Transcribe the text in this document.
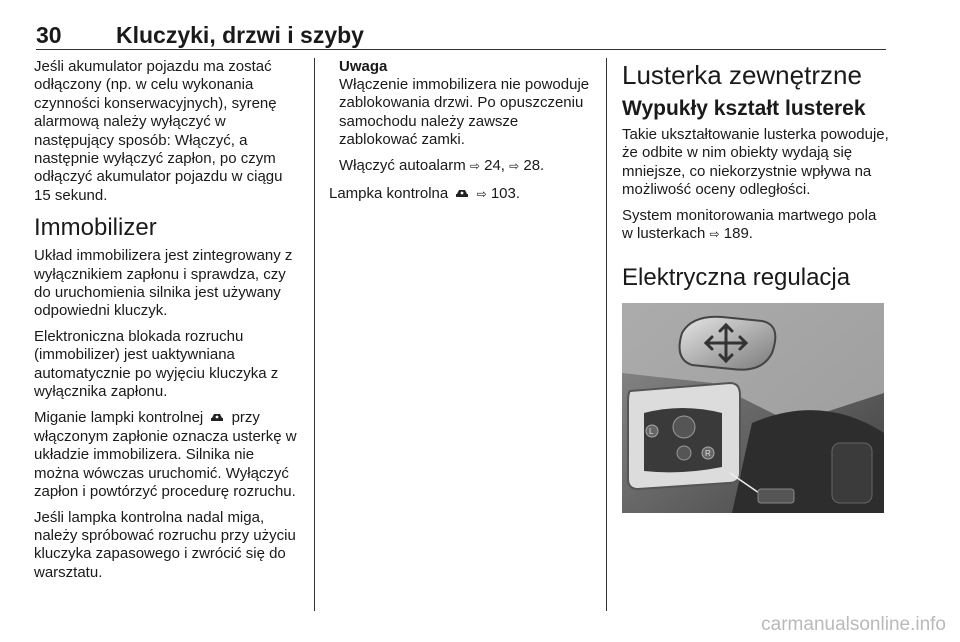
30 Kluczyki, drzwi i szyby

Jeśli akumulator pojazdu ma zostać odłączony (np. w celu wykonania czynności konserwacyjnych), syrenę alarmową należy wyłączyć w następujący sposób: Włączyć, a następnie wyłączyć zapłon, po czym odłączyć akumulator pojazdu w ciągu 15 sekund.

Immobilizer

Układ immobilizera jest zintegrowany z wyłącznikiem zapłonu i sprawdza, czy do uruchomienia silnika jest używany odpowiedni kluczyk.

Elektroniczna blokada rozruchu (immobilizer) jest uaktywniana automatycznie po wyjęciu kluczyka z wyłącznika zapłonu.

Miganie lampki kontrolnej przy włączonym zapłonie oznacza usterkę w układzie immobilizera. Silnika nie można wówczas uruchomić. Wyłączyć zapłon i powtórzyć procedurę rozruchu.

Jeśli lampka kontrolna nadal miga, należy spróbować rozruchu przy użyciu kluczyka zapasowego i zwrócić się do warsztatu.

Uwaga

Włączenie immobilizera nie powoduje zablokowania drzwi. Po opuszczeniu samochodu należy zawsze zablokować zamki.

Włączyć autoalarm ⇨ 24, ⇨ 28.

Lampka kontrolna ⇨ 103.

Lusterka zewnętrzne
Wypukły kształt lusterek

Takie ukształtowanie lusterka powoduje, że odbite w nim obiekty wydają się mniejsze, co niekorzystnie wpływa na możliwość oceny odległości.

System monitorowania martwego pola w lusterkach ⇨ 189.

Elektryczna regulacja
L
R
carmanualsonline.info
